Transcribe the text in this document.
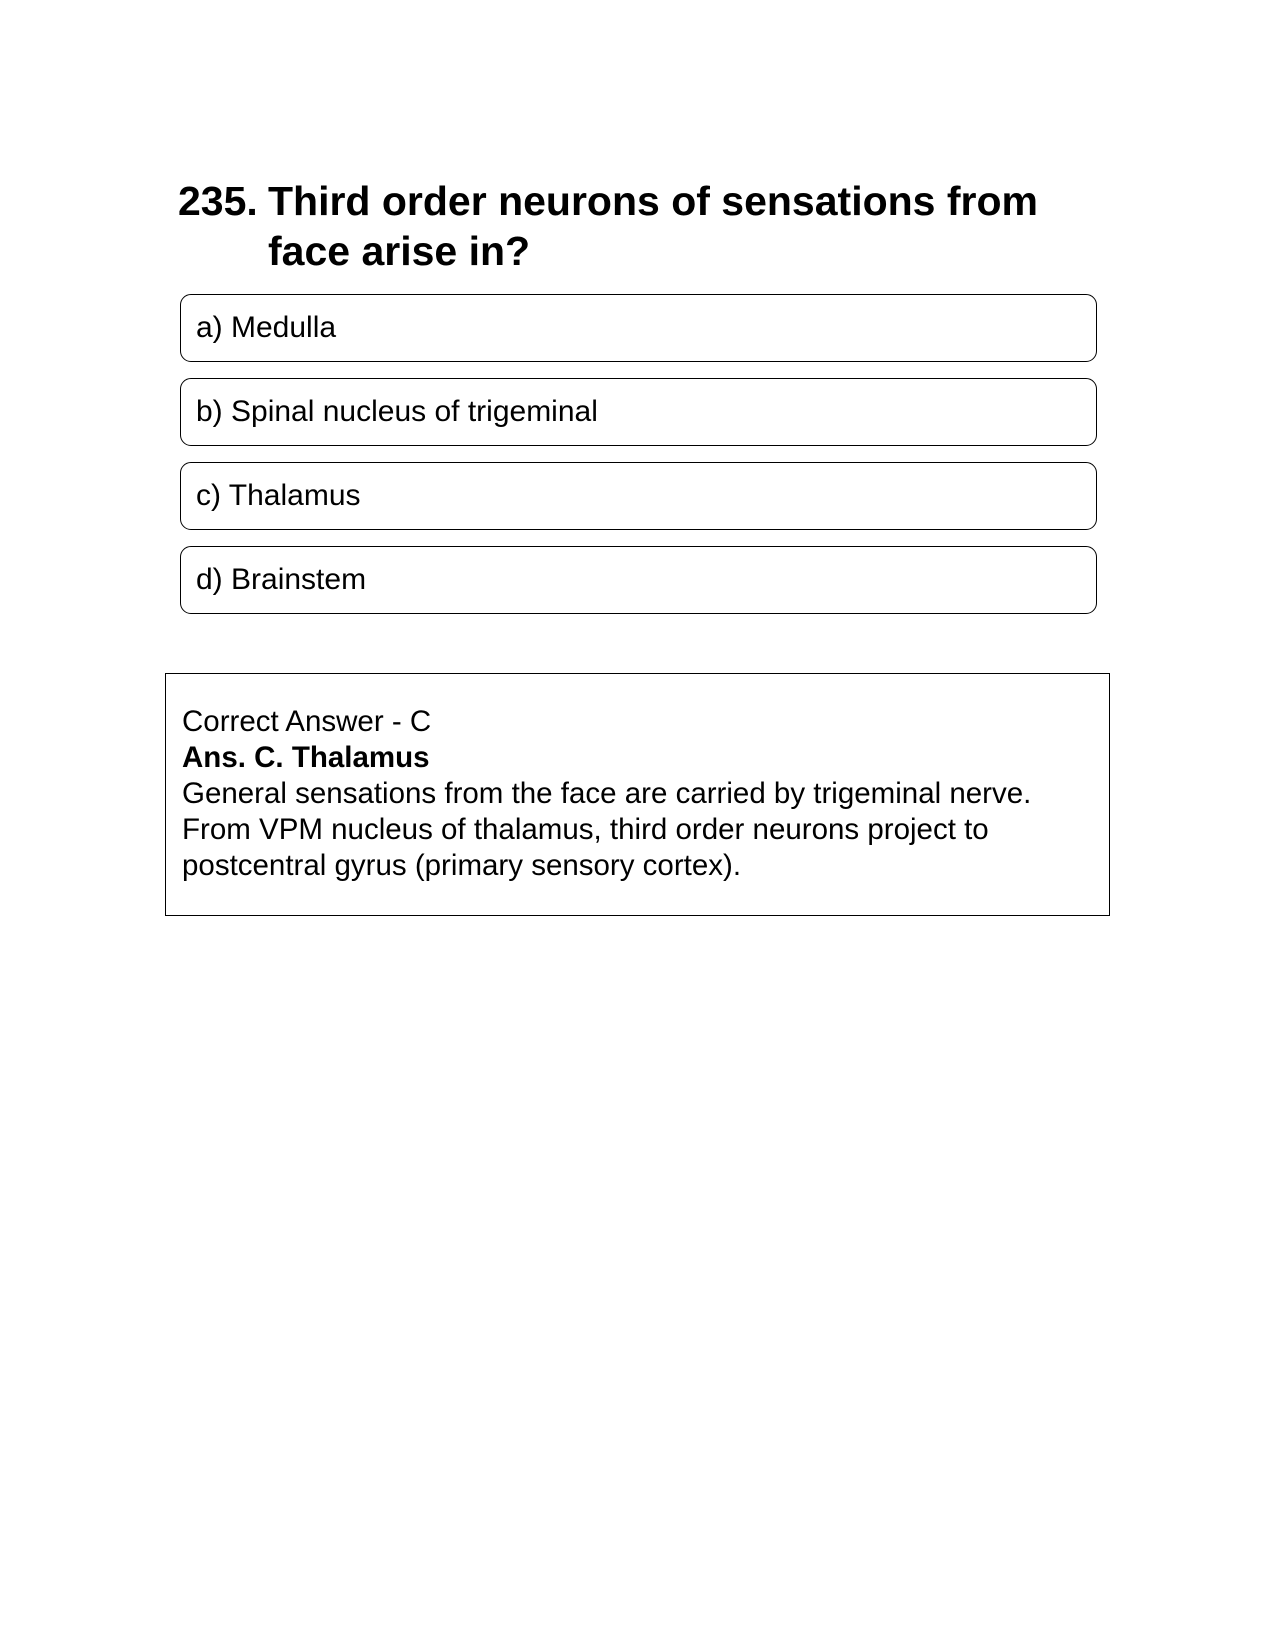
235. Third order neurons of sensations from face arise in?
a) Medulla
b) Spinal nucleus of trigeminal
c) Thalamus
d) Brainstem
Correct Answer - C
Ans. C. Thalamus
General sensations from the face are carried by trigeminal nerve.
From VPM nucleus of thalamus, third order neurons project to
postcentral gyrus (primary sensory cortex).
